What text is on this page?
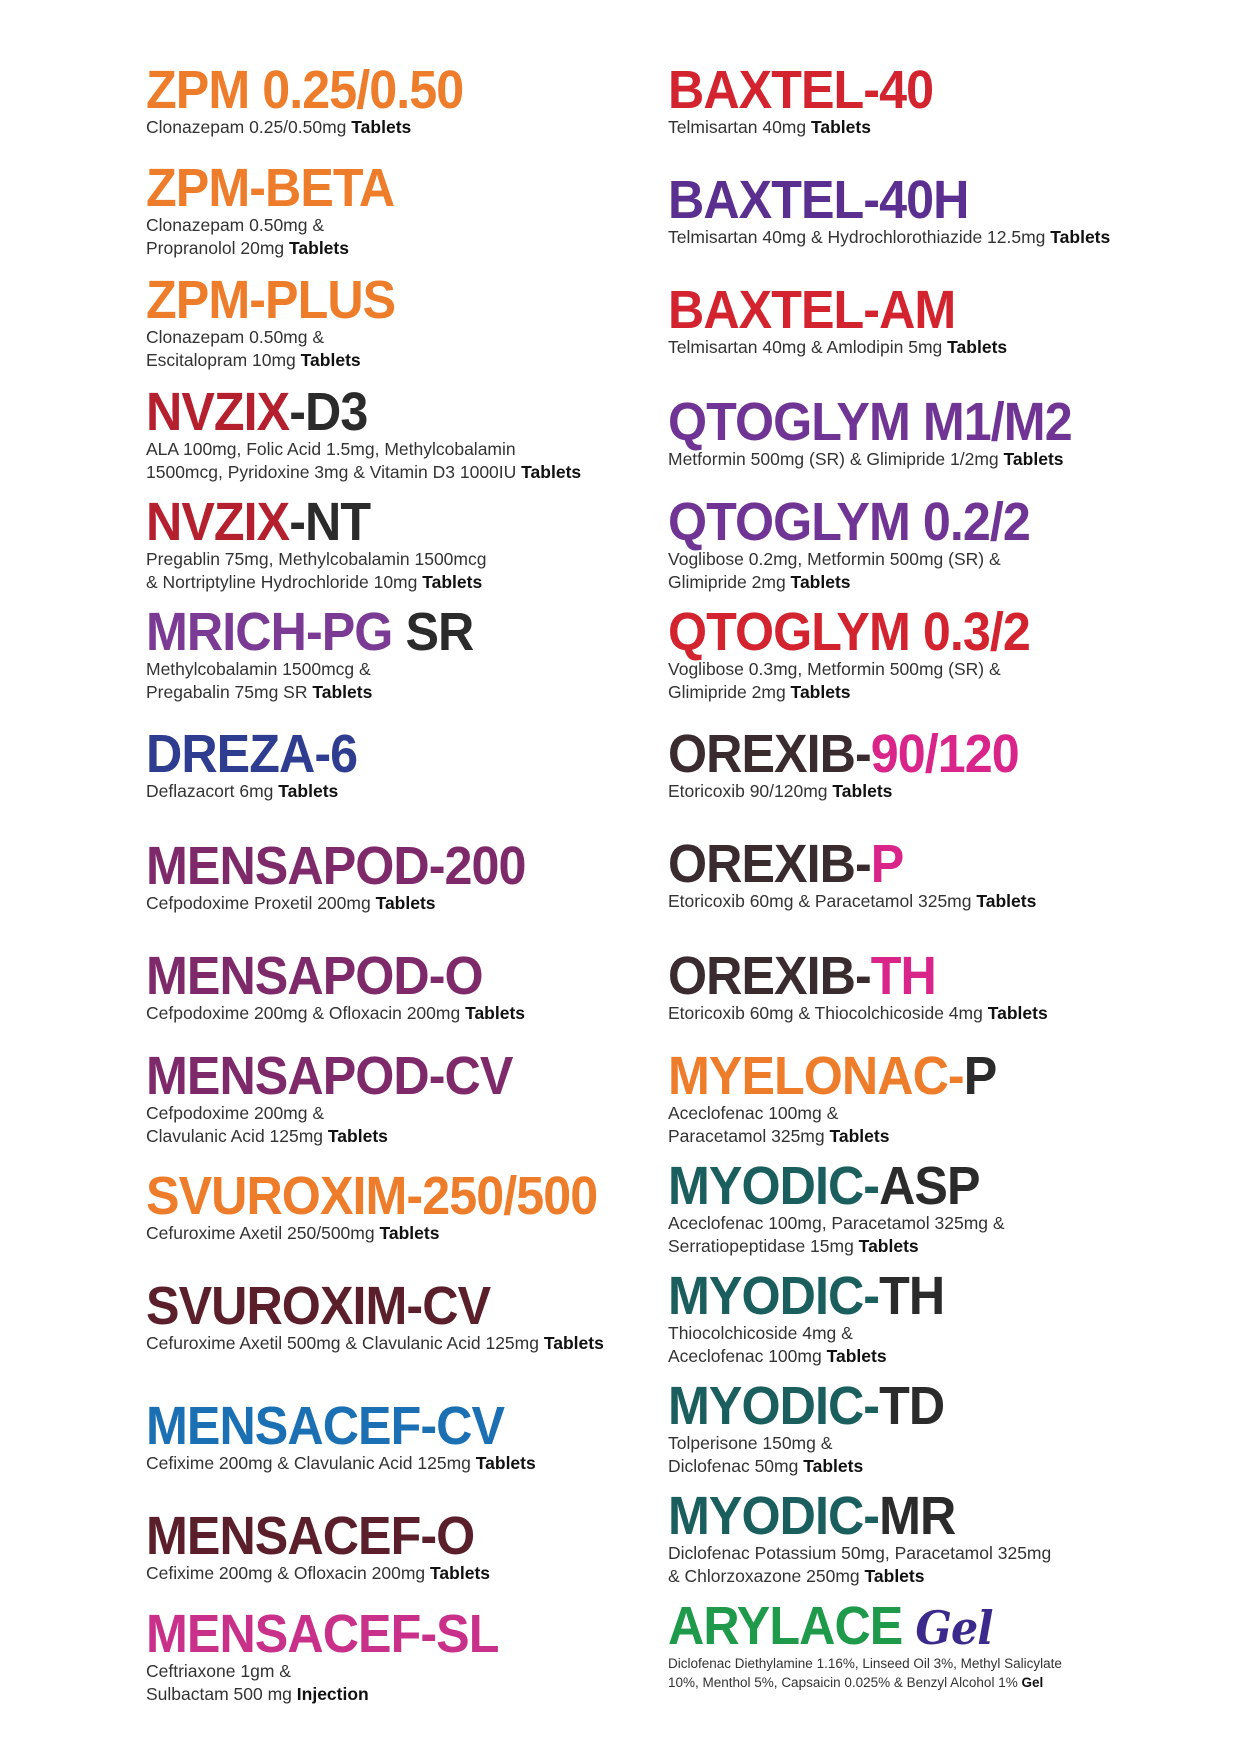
ZPM 0.25/0.50
Clonazepam 0.25/0.50mg Tablets
ZPM-BETA
Clonazepam 0.50mg &
Propranolol 20mg Tablets
ZPM-PLUS
Clonazepam 0.50mg &
Escitalopram 10mg Tablets
NVZIX-D3
ALA 100mg, Folic Acid 1.5mg, Methylcobalamin
1500mcg, Pyridoxine 3mg & Vitamin D3 1000IU Tablets
NVZIX-NT
Pregablin 75mg, Methylcobalamin 1500mcg
& Nortriptyline Hydrochloride 10mg Tablets
MRICH-PG SR
Methylcobalamin 1500mcg &
Pregabalin 75mg SR Tablets
DREZA-6
Deflazacort 6mg Tablets
MENSAPOD-200
Cefpodoxime Proxetil 200mg Tablets
MENSAPOD-O
Cefpodoxime 200mg & Ofloxacin 200mg Tablets
MENSAPOD-CV
Cefpodoxime 200mg &
Clavulanic Acid 125mg Tablets
SVUROXIM-250/500
Cefuroxime Axetil 250/500mg Tablets
SVUROXIM-CV
Cefuroxime Axetil 500mg & Clavulanic Acid 125mg Tablets
MENSACEF-CV
Cefixime 200mg & Clavulanic Acid 125mg Tablets
MENSACEF-O
Cefixime 200mg & Ofloxacin 200mg Tablets
MENSACEF-SL
Ceftriaxone 1gm &
Sulbactam 500 mg Injection
BAXTEL-40
Telmisartan 40mg Tablets
BAXTEL-40H
Telmisartan 40mg & Hydrochlorothiazide 12.5mg Tablets
BAXTEL-AM
Telmisartan 40mg & Amlodipin 5mg Tablets
QTOGLYM M1/M2
Metformin 500mg (SR) & Glimipride 1/2mg Tablets
QTOGLYM 0.2/2
Voglibose 0.2mg, Metformin 500mg (SR) &
Glimipride 2mg Tablets
QTOGLYM 0.3/2
Voglibose 0.3mg, Metformin 500mg (SR) &
Glimipride 2mg Tablets
OREXIB-90/120
Etoricoxib 90/120mg Tablets
OREXIB-P
Etoricoxib 60mg & Paracetamol 325mg Tablets
OREXIB-TH
Etoricoxib 60mg & Thiocolchicoside 4mg Tablets
MYELONAC-P
Aceclofenac 100mg &
Paracetamol 325mg Tablets
MYODIC-ASP
Aceclofenac 100mg, Paracetamol 325mg &
Serratiopeptidase 15mg Tablets
MYODIC-TH
Thiocolchicoside 4mg &
Aceclofenac 100mg Tablets
MYODIC-TD
Tolperisone 150mg &
Diclofenac 50mg Tablets
MYODIC-MR
Diclofenac Potassium 50mg, Paracetamol 325mg
& Chlorzoxazone 250mg Tablets
ARYLACE Gel
Diclofenac Diethylamine 1.16%, Linseed Oil 3%, Methyl Salicylate
10%, Menthol 5%, Capsaicin 0.025% & Benzyl Alcohol 1% Gel
